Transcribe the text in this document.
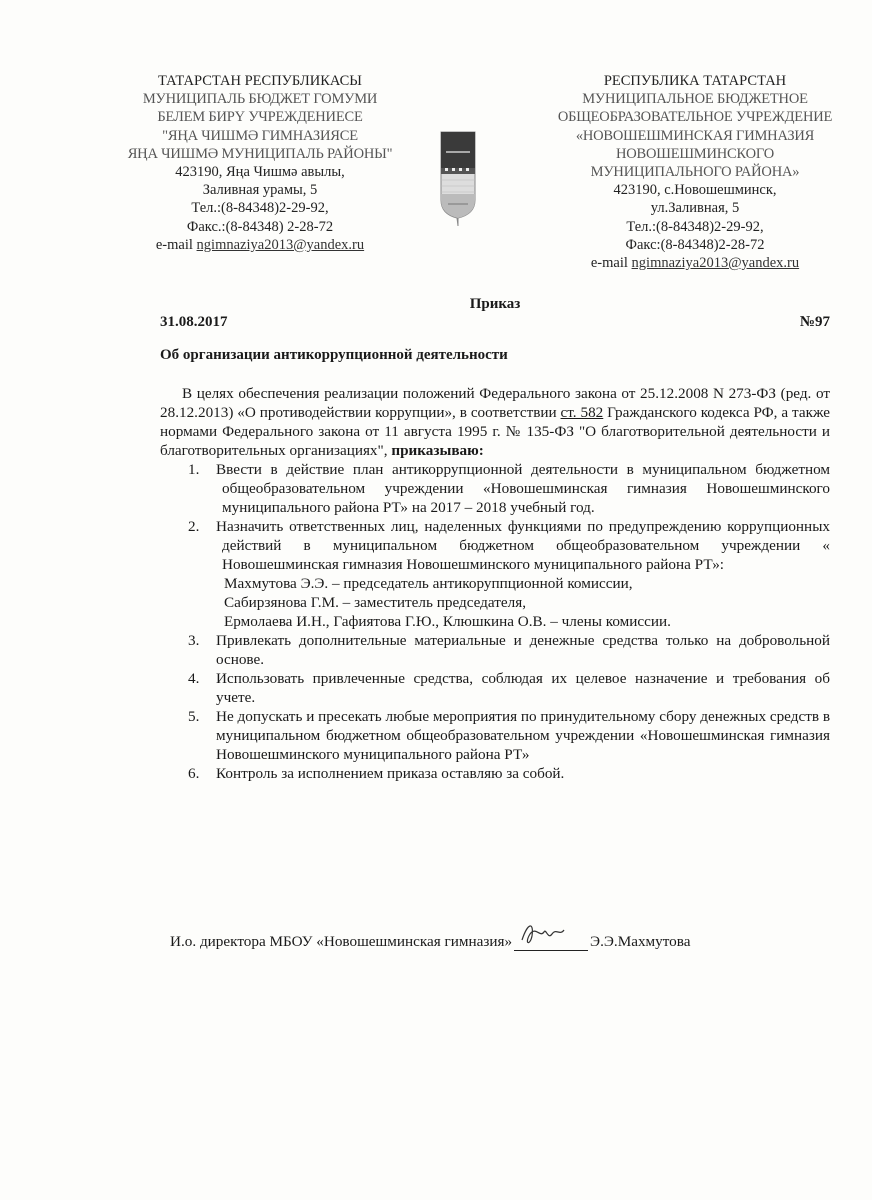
ТАТАРСТАН РЕСПУБЛИКАСЫ
МУНИЦИПАЛЬ БЮДЖЕТ ГОМУМИ
БЕЛЕМ БИРҮ УЧРЕЖДЕНИЕСЕ
"ЯҢА ЧИШМӘ ГИМНАЗИЯСЕ
ЯҢА ЧИШМӘ МУНИЦИПАЛЬ РАЙОНЫ"
423190, Яңа Чишмә авылы,
Заливная урамы, 5
Тел.:(8-84348)2-29-92,
Факс.:(8-84348) 2-28-72
e-mail ngimnaziya2013@yandex.ru
РЕСПУБЛИКА ТАТАРСТАН
МУНИЦИПАЛЬНОЕ БЮДЖЕТНОЕ
ОБЩЕОБРАЗОВАТЕЛЬНОЕ УЧРЕЖДЕНИЕ
«НОВОШЕШМИНСКАЯ ГИМНАЗИЯ
НОВОШЕШМИНСКОГО
МУНИЦИПАЛЬНОГО РАЙОНА»
423190, с.Новошешминск,
ул.Заливная, 5
Тел.:(8-84348)2-29-92,
Факс:(8-84348)2-28-72
e-mail ngimnaziya2013@yandex.ru
Приказ
31.08.2017	№97
Об организации антикоррупционной деятельности

В целях обеспечения реализации положений Федерального закона от 25.12.2008 N 273-ФЗ (ред. от 28.12.2013) «О противодействии коррупции», в соответствии ст. 582 Гражданского кодекса РФ, а также нормами Федерального закона от 11 августа 1995 г. № 135-ФЗ "О благотворительной деятельности и благотворительных организациях", приказываю:

1. Ввести в действие план антикоррупционной деятельности в муниципальном бюджетном общеобразовательном учреждении «Новошешминская гимназия Новошешминского муниципального района РТ» на 2017 – 2018 учебный год.
2. Назначить ответственных лиц, наделенных функциями по предупреждению коррупционных действий в муниципальном бюджетном общеобразовательном учреждении « Новошешминская гимназия Новошешминского муниципального района РТ»:
Махмутова Э.Э. – председатель антикоруппционной комиссии,
Сабирзянова Г.М. – заместитель председателя,
Ермолаева И.Н., Гафиятова Г.Ю., Клюшкина О.В. – члены комиссии.
3. Привлекать дополнительные материальные и денежные средства только на добровольной основе.
4. Использовать привлеченные средства, соблюдая их целевое назначение и требования об учете.
5. Не допускать и пресекать любые мероприятия по принудительному сбору денежных средств в муниципальном бюджетном общеобразовательном учреждении «Новошешминская гимназия Новошешминского муниципального района РТ»
6. Контроль за исполнением приказа оставляю за собой.
И.о. директора МБОУ «Новошешминская гимназия»	Э.Э.Махмутова
